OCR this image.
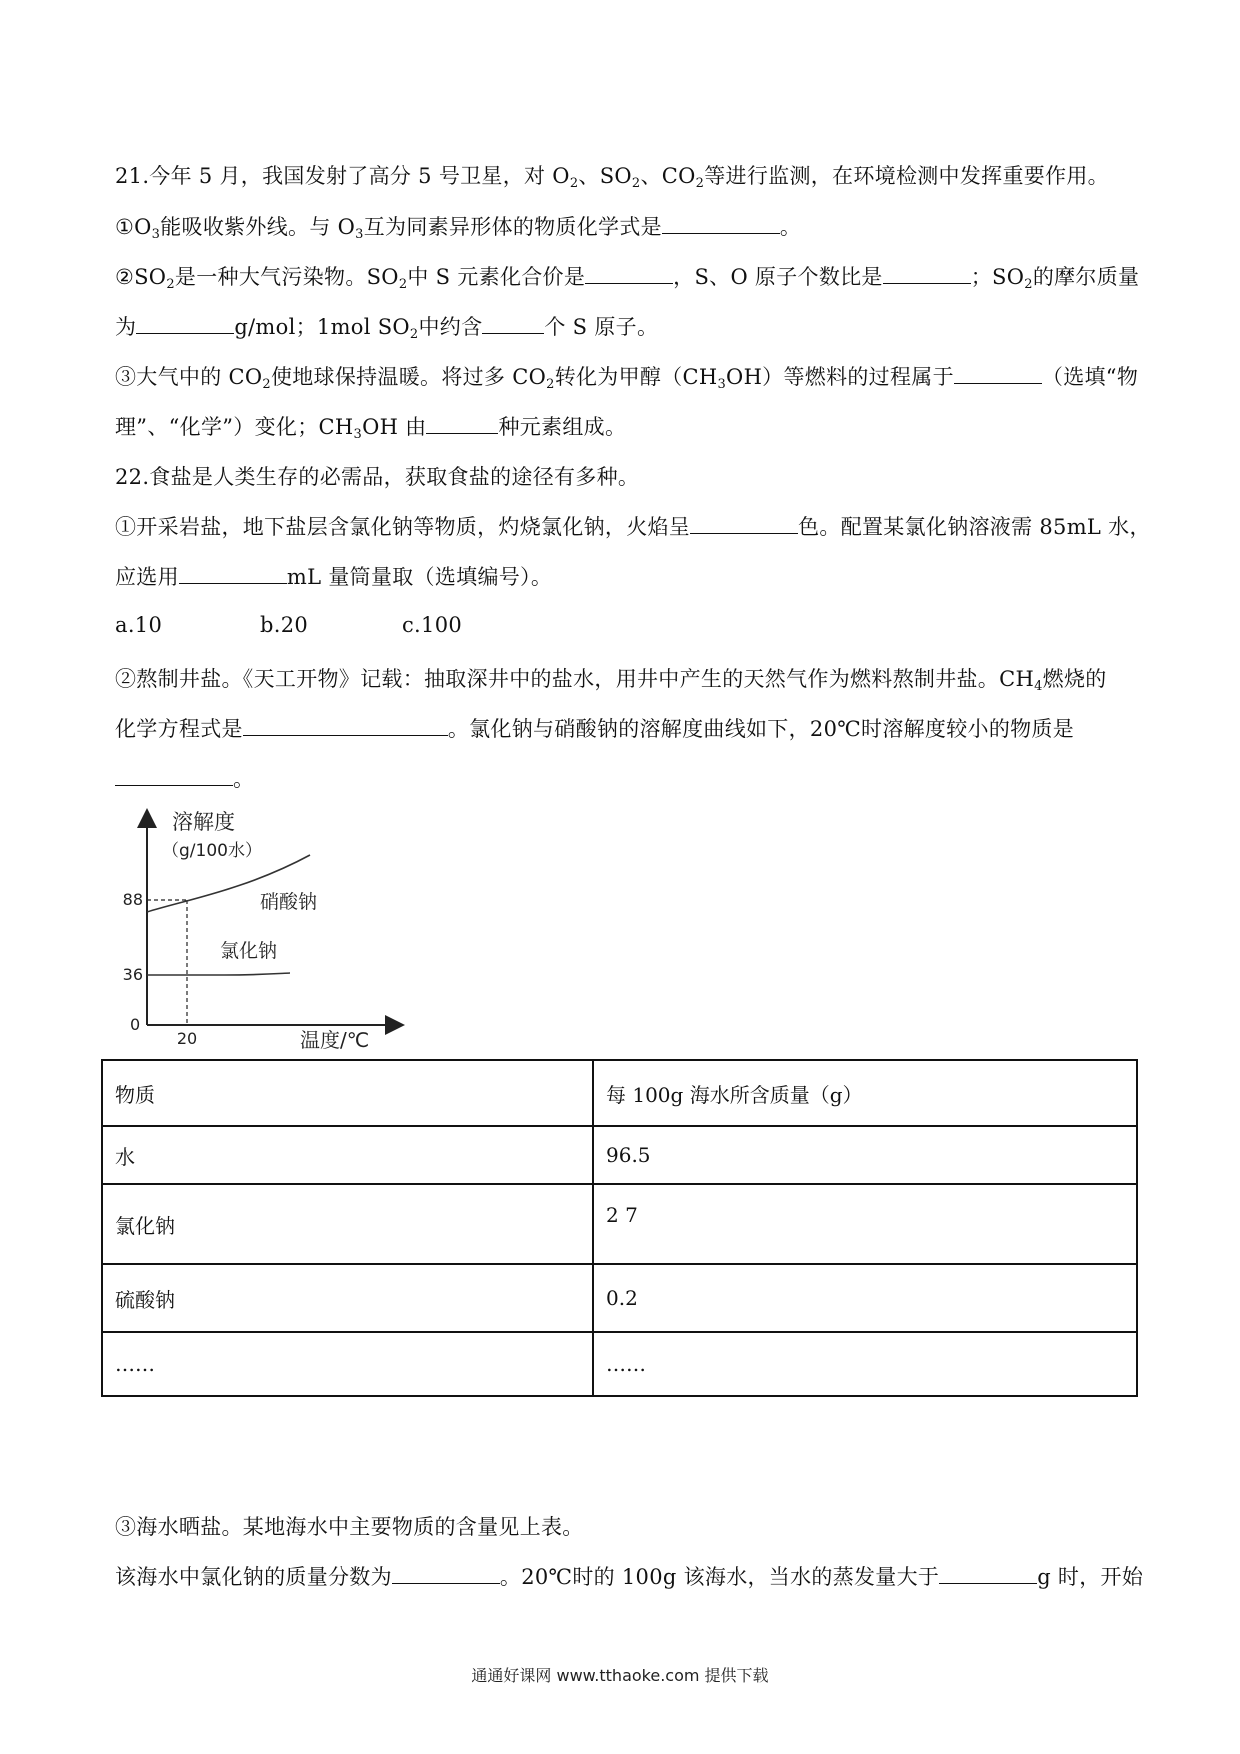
21.今年 5 月，我国发射了高分 5 号卫星，对 $O_2$、$SO_2$、$CO_2$等进行监测，在环境检测中发挥重要作用。
$①O_3$能吸收紫外线。与 $O_3$互为同素异形体的物质化学式是	。
$②SO_2$是一种大气污染物。$SO_2$中 S 元素化合价是	，S、O 原子个数比是	；$SO_2$的摩尔质量
为	g/mol；1mol $SO_2$中约含	个 S 原子。
③大气中的 $CO_2$使地球保持温暖。将过多 $CO_2$转化为甲醇$(CH_3OH)$等燃料的过程属于	（选填“物
理”、“化学”）变化；$CH_3OH$ 由	种元素组成。
22.食盐是人类生存的必需品，获取食盐的途径有多种。
①开采岩盐，地下盐层含氯化钠等物质，灼烧氯化钠，火焰呈	色。配置某氯化钠溶液需 85mL 水，
应选用	mL 量筒量取（选填编号）。
a.10	b.20	c.100
②熬制井盐。《天工开物》记载：抽取深井中的盐水，用井中产生的天然气作为燃料熬制井盐。$CH_4$燃烧的
化学方程式是	。氯化钠与硝酸钠的溶解度曲线如下，20℃时溶解度较小的物质是
。
溶解度
（g/100水）
温度/℃
0
20
36
88	硝酸钠
氯化钠
物质	每 100g 海水所含质量（g）
水	96.5
氯化钠	2 7
硫酸钠	0.2
……	……
③海水晒盐。某地海水中主要物质的含量见上表。
该海水中氯化钠的质量分数为	。20℃时的 100g 该海水，当水的蒸发量大于	g 时，开始
通通好课网 www.tthaoke.com 提供下载
